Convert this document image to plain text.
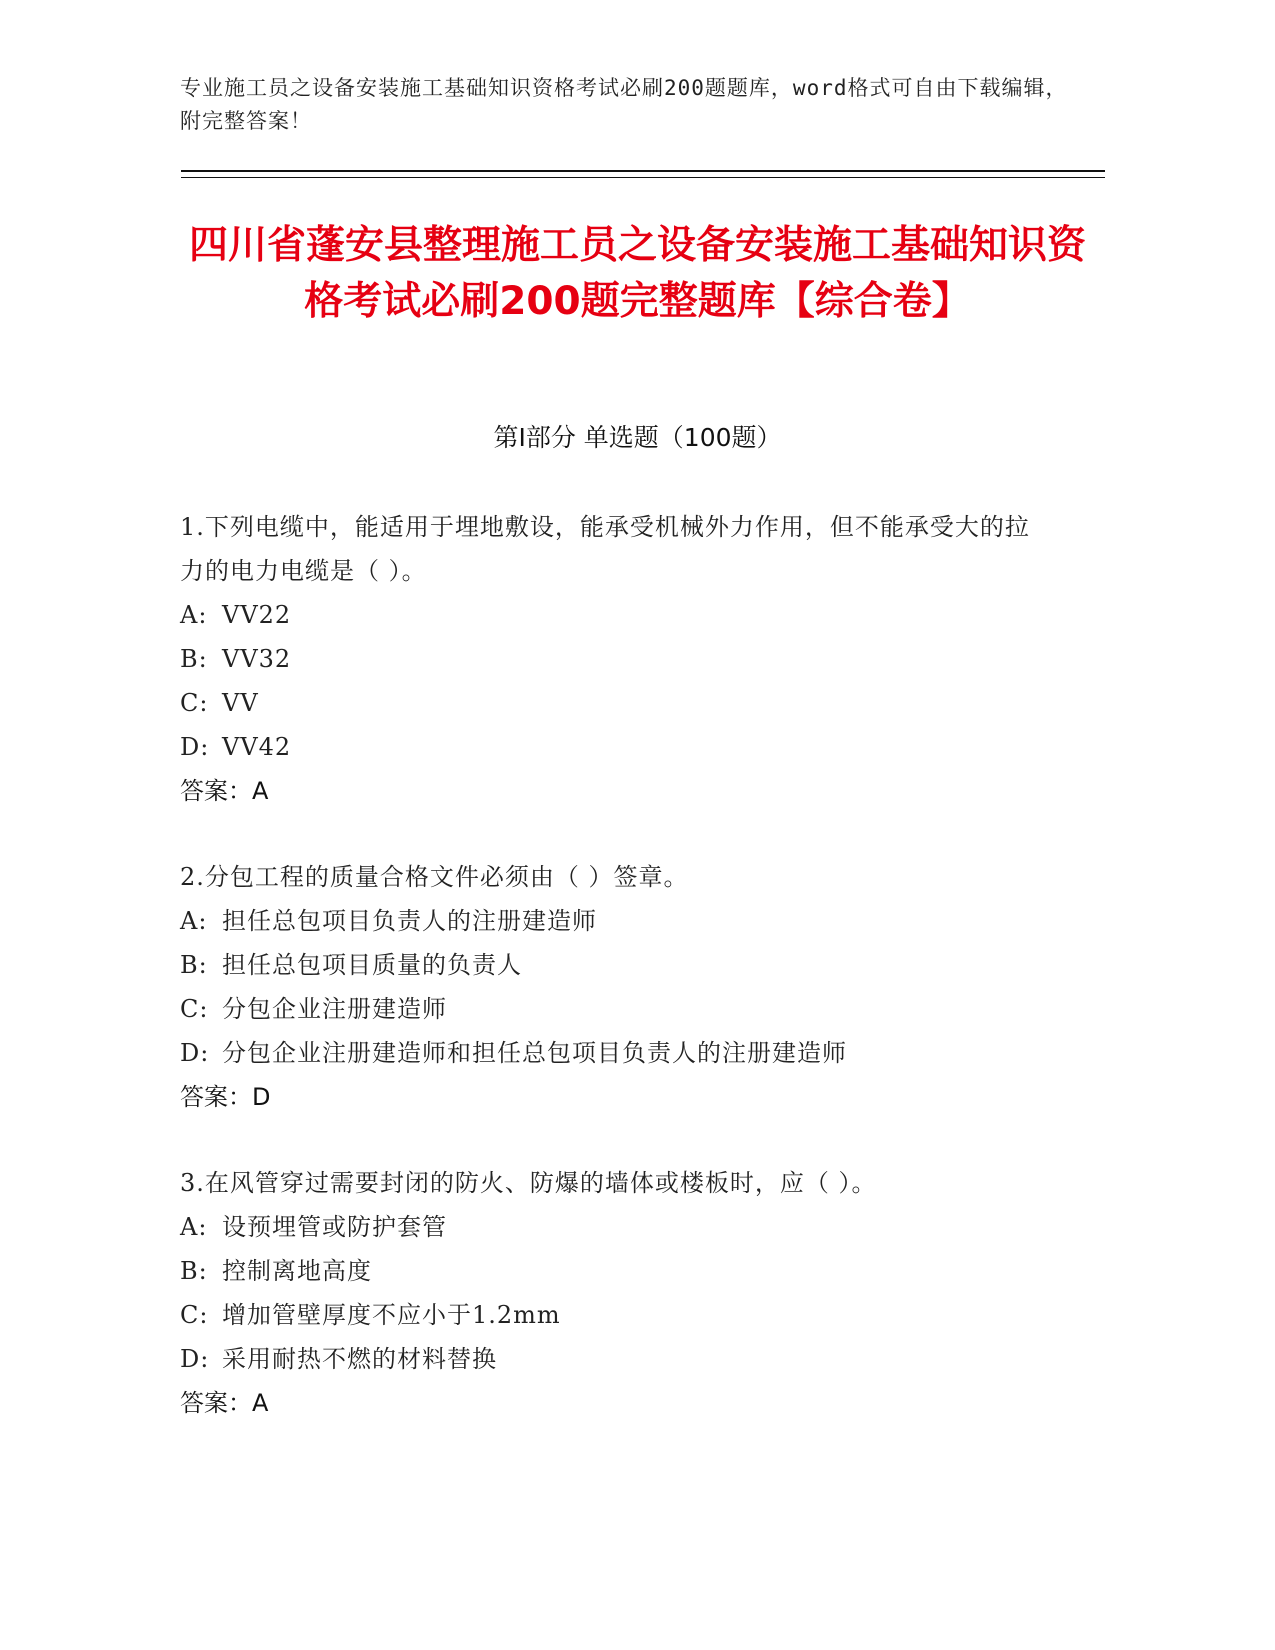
专业施工员之设备安装施工基础知识资格考试必刷200题题库，word格式可自由下载编辑，附完整答案！
四川省蓬安县整理施工员之设备安装施工基础知识资格考试必刷200题完整题库【综合卷】
第I部分 单选题（100题）
1.下列电缆中，能适用于埋地敷设，能承受机械外力作用，但不能承受大的拉力的电力电缆是（ ）。
A: VV22
B: VV32
C: VV
D: VV42
答案：A
2.分包工程的质量合格文件必须由（ ）签章。
A: 担任总包项目负责人的注册建造师
B: 担任总包项目质量的负责人
C: 分包企业注册建造师
D: 分包企业注册建造师和担任总包项目负责人的注册建造师
答案：D
3.在风管穿过需要封闭的防火、防爆的墙体或楼板时，应（ ）。
A: 设预埋管或防护套管
B: 控制离地高度
C: 增加管壁厚度不应小于1.2mm
D: 采用耐热不燃的材料替换
答案：A
